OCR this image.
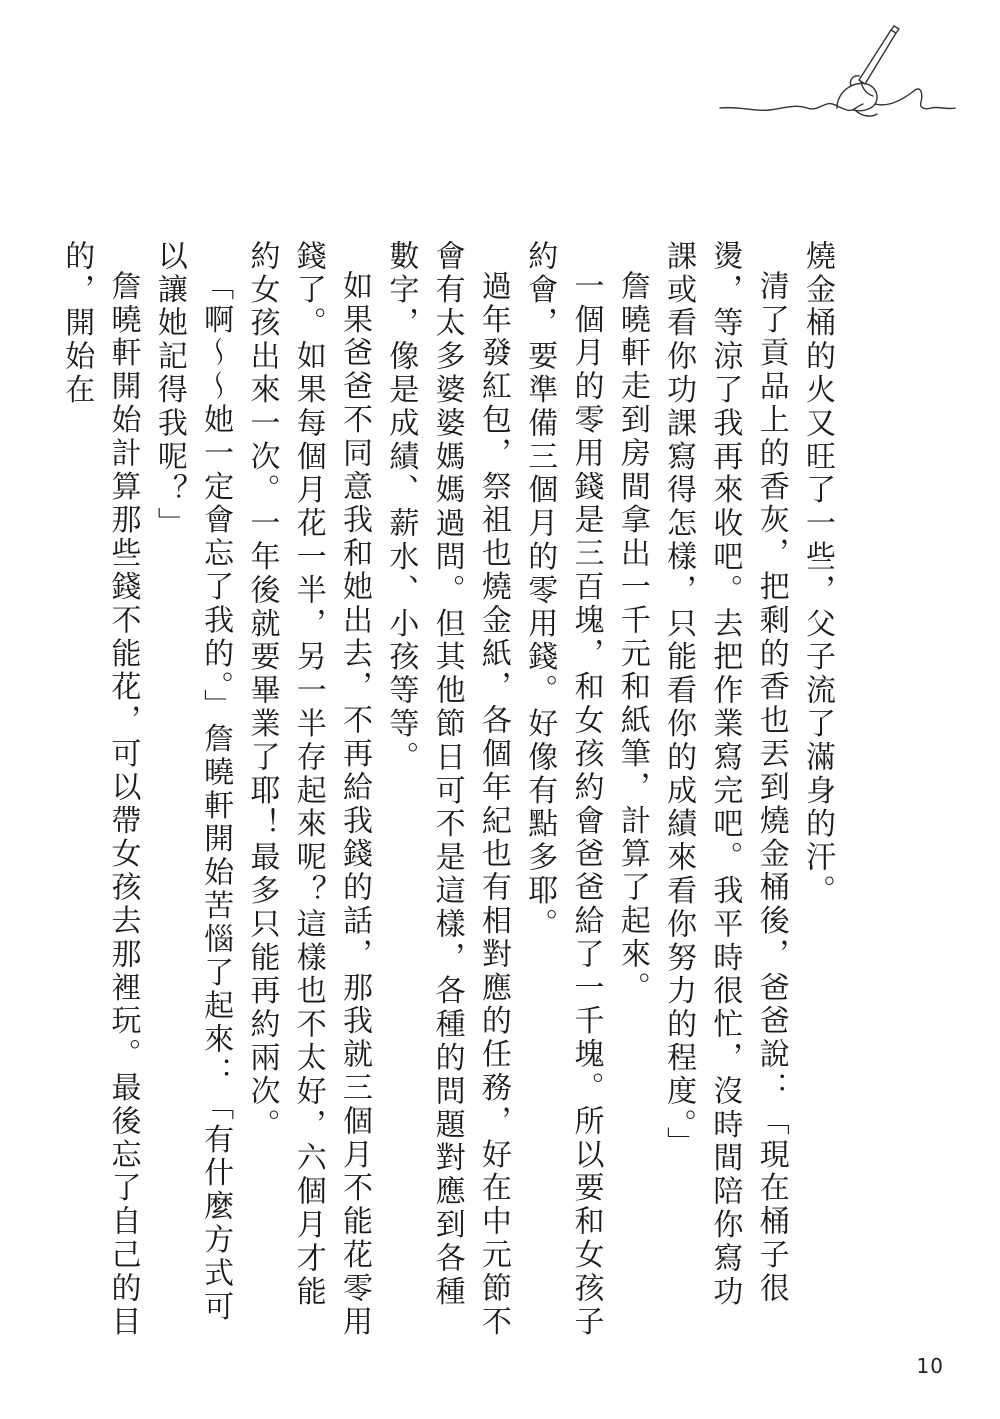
燒金桶的火又旺了一些，父子流了滿身的汗。

清了貢品上的香灰，把剩的香也丟到燒金桶後，爸爸說：「現在桶子很燙，等涼了我再來收吧。去把作業寫完吧。我平時很忙，沒時間陪你寫功課或看你功課寫得怎樣，只能看你的成績來看你努力的程度。」

詹曉軒走到房間拿出一千元和紙筆，計算了起來。

一個月的零用錢是三百塊，和女孩約會爸爸給了一千塊。所以要和女孩子約會，要準備三個月的零用錢。好像有點多耶。

過年發紅包，祭祖也燒金紙，各個年紀也有相對應的任務，好在中元節不會有太多婆婆媽媽過問。但其他節日可不是這樣，各種的問題對應到各種數字，像是成績、薪水、小孩等等。

如果爸爸不同意我和她出去，不再給我錢的話，那我就三個月不能花零用錢了。如果每個月花一半，另一半存起來呢？這樣也不太好，六個月才能約女孩出來一次。一年後就要畢業了耶！最多只能再約兩次。

「啊～～她一定會忘了我的。」詹曉軒開始苦惱了起來：「有什麼方式可以讓她記得我呢？」

詹曉軒開始計算那些錢不能花，可以帶女孩去那裡玩。最後忘了自己的目的，開始在

10
